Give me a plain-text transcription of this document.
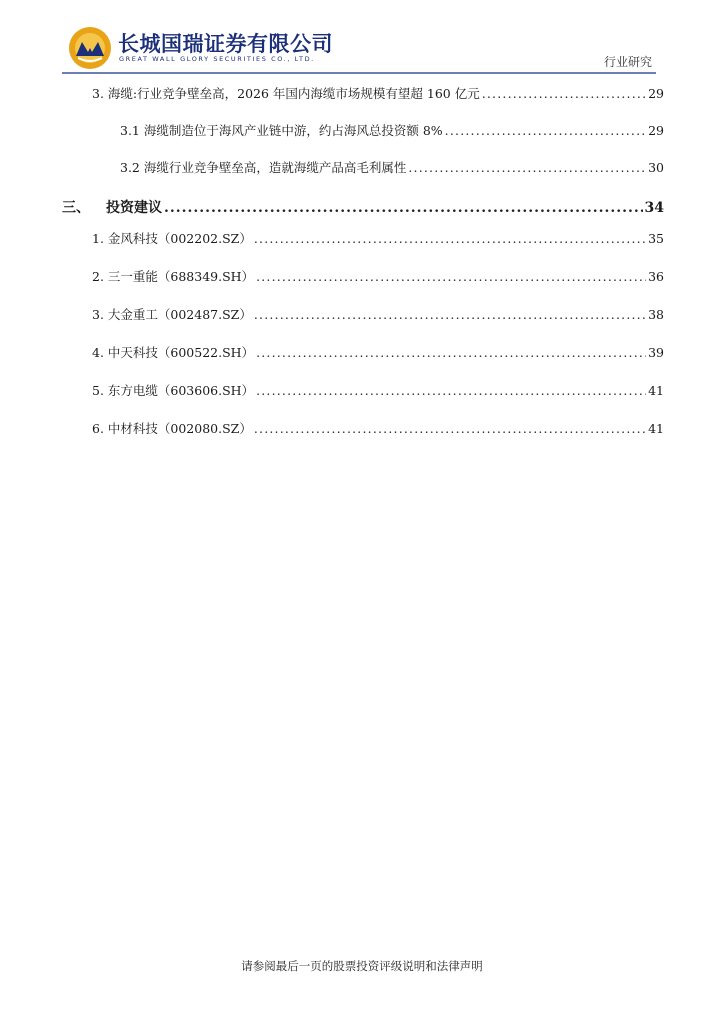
长城国瑞证券有限公司
GREAT WALL GLORY SECURITIES CO., LTD.	行业研究
3. 海缆:行业竞争壁垒高，2026 年国内海缆市场规模有望超 160 亿元 .....	29
3.1 海缆制造位于海风产业链中游，约占海风总投资额 8% .....	29
3.2 海缆行业竞争壁垒高，造就海缆产品高毛利属性 .....	30
三、 投资建议 .....	34
1. 金风科技（002202.SZ） .....	35
2. 三一重能（688349.SH） .....	36
3. 大金重工（002487.SZ） .....	38
4. 中天科技（600522.SH） .....	39
5. 东方电缆（603606.SH） .....	41
6. 中材科技（002080.SZ） .....	41
请参阅最后一页的股票投资评级说明和法律声明
